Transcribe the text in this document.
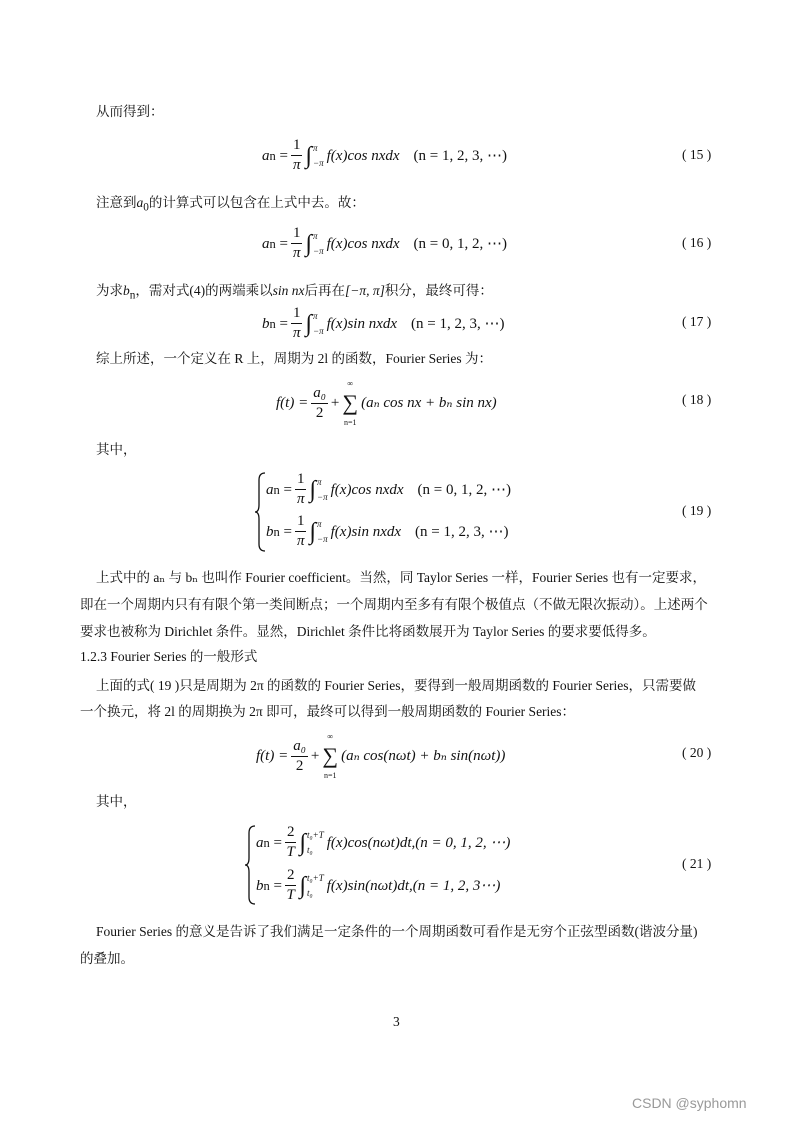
从而得到：
a $n = \frac{1}{\pi}$ ∫ π
−π f(x)cos nxdx (n = 1, 2, 3, ⋯)	( 15 )
注意到$a_0$的计算式可以包含在上式中去。故：
a $n = \frac{1}{\pi}$ ∫ π
−π f(x)cos nxdx (n = 0, 1, 2, ⋯)	( 16 )
为求$b_n$，需对式(4)的两端乘以sin nx后再在[−π, π]积分，最终可得：
b $n = \frac{1}{\pi}$ ∫ π
−π f(x)sin nxdx (n = 1, 2, 3, ⋯)	( 17 )
综上所述，一个定义在 R 上，周期为 2l 的函数，Fourier Series 为：
$f(t) = \frac{\text{a₀}}{2}$ +
∞
∑
n=1
(aₙ cos nx + bₙ sin nx)	( 18 )
其中，
a $n = \frac{1}{\pi}$ ∫ π
−π f(x)cos nxdx (n = 0, 1, 2, ⋯)
b $n = \frac{1}{\pi}$ ∫ π
−π f(x)sin nxdx (n = 1, 2, 3, ⋯)
( 19 )
上式中的 aₙ 与 bₙ 也叫作 Fourier coefficient。当然，同 Taylor Series 一样，Fourier Series 也有一定要求，
即在一个周期内只有有限个第一类间断点；一个周期内至多有有限个极值点（不做无限次振动）。上述两个
要求也被称为 Dirichlet 条件。显然，Dirichlet 条件比将函数展开为 Taylor Series 的要求要低得多。
1.2.3 Fourier Series 的一般形式
上面的式( 19 )只是周期为 2π 的函数的 Fourier Series，要得到一般周期函数的 Fourier Series，只需要做
一个换元，将 2l 的周期换为 2π 即可，最终可以得到一般周期函数的 Fourier Series：
$f(t) = \frac{\text{a₀}}{2}$ +
∞
∑
n=1
(aₙ cos(nωt) + bₙ sin(nωt))	( 20 )
其中，
a $n = \frac{2}{T}$ ∫ t₀+T
t₀ f(x)cos(nωt)dt,(n = 0, 1, 2, ⋯)
b $n = \frac{2}{T}$ ∫ t₀+T
t₀ f(x)sin(nωt)dt,(n = 1, 2, 3⋯)
( 21 )
Fourier Series 的意义是告诉了我们满足一定条件的一个周期函数可看作是无穷个正弦型函数(谐波分量)
的叠加。
3
CSDN @syphomn
